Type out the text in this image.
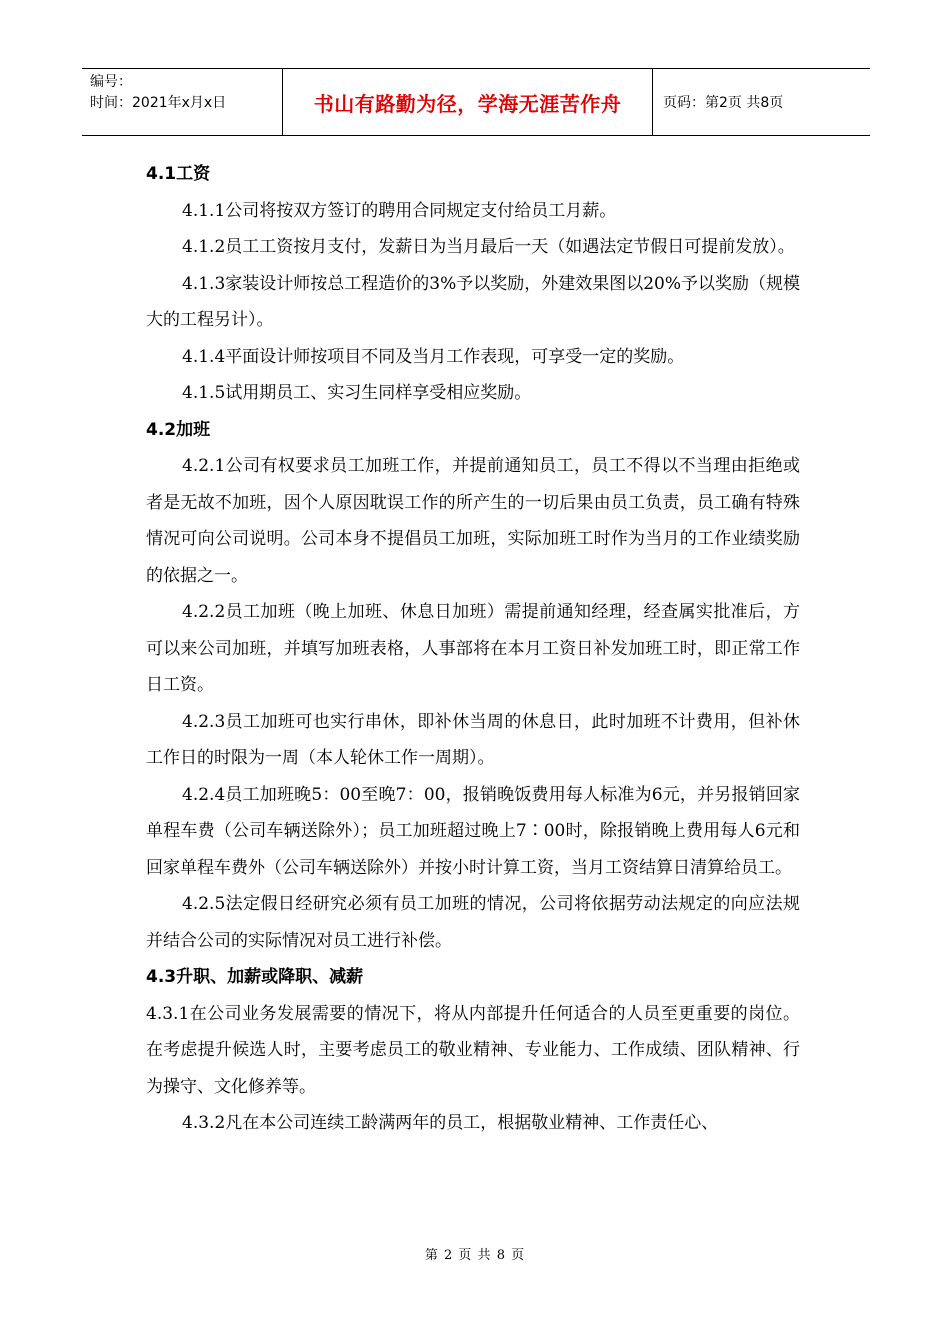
编号：
时间：2021年x月x日	书山有路勤为径，学海无涯苦作舟	页码：第2页 共8页

4.1工资

4.1.1公司将按双方签订的聘用合同规定支付给员工月薪。

4.1.2员工工资按月支付，发薪日为当月最后一天（如遇法定节假日可提前发放）。

4.1.3家装设计师按总工程造价的3%予以奖励，外建效果图以20%予以奖励（规模大的工程另计）。

4.1.4平面设计师按项目不同及当月工作表现，可享受一定的奖励。

4.1.5试用期员工、实习生同样享受相应奖励。

4.2加班

4.2.1公司有权要求员工加班工作，并提前通知员工，员工不得以不当理由拒绝或者是无故不加班，因个人原因耽误工作的所产生的一切后果由员工负责，员工确有特殊情况可向公司说明。公司本身不提倡员工加班，实际加班工时作为当月的工作业绩奖励的依据之一。

4.2.2员工加班（晚上加班、休息日加班）需提前通知经理，经查属实批准后，方可以来公司加班，并填写加班表格，人事部将在本月工资日补发加班工时，即正常工作日工资。

4.2.3员工加班可也实行串休，即补休当周的休息日，此时加班不计费用，但补休工作日的时限为一周（本人轮休工作一周期）。

4.2.4员工加班晚5：00至晚7：00，报销晚饭费用每人标准为6元，并另报销回家单程车费（公司车辆送除外）；员工加班超过晚上7∶00时，除报销晚上费用每人6元和回家单程车费外（公司车辆送除外）并按小时计算工资，当月工资结算日清算给员工。

4.2.5法定假日经研究必须有员工加班的情况，公司将依据劳动法规定的向应法规并结合公司的实际情况对员工进行补偿。

4.3升职、加薪或降职、减薪

4.3.1在公司业务发展需要的情况下，将从内部提升任何适合的人员至更重要的岗位。在考虑提升候选人时，主要考虑员工的敬业精神、专业能力、工作成绩、团队精神、行为操守、文化修养等。

4.3.2凡在本公司连续工龄满两年的员工，根据敬业精神、工作责任心、

第 2 页 共 8 页
